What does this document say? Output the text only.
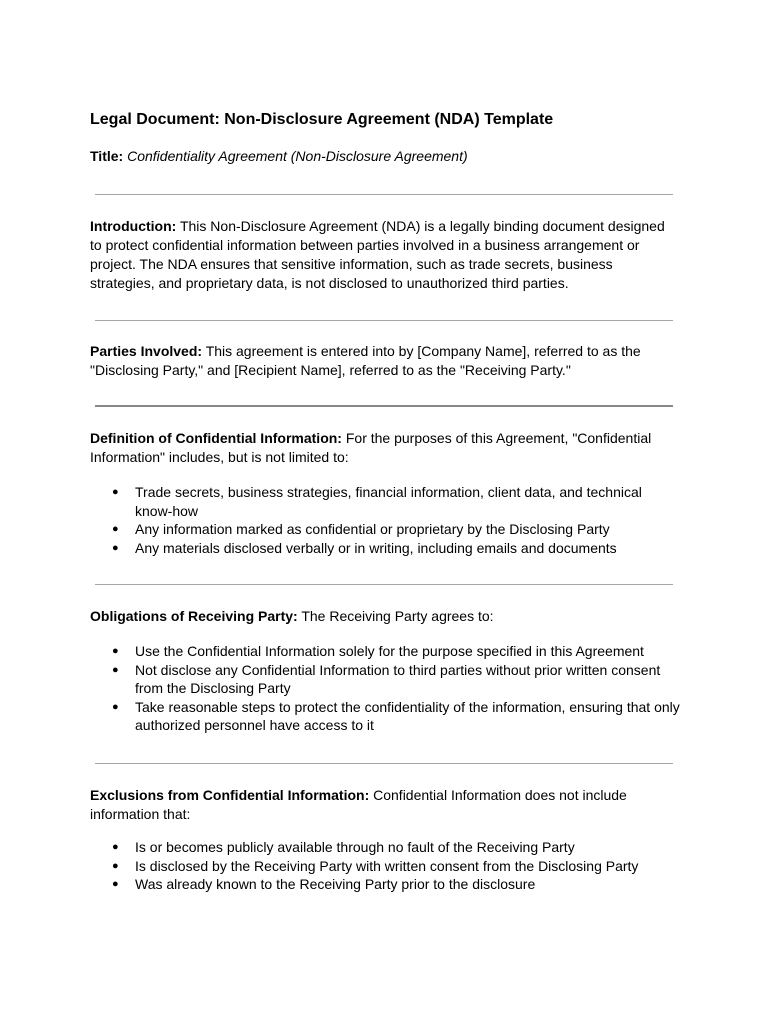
Legal Document: Non-Disclosure Agreement (NDA) Template
Title: Confidentiality Agreement (Non-Disclosure Agreement)

Introduction: This Non-Disclosure Agreement (NDA) is a legally binding document designed to protect confidential information between parties involved in a business arrangement or project. The NDA ensures that sensitive information, such as trade secrets, business strategies, and proprietary data, is not disclosed to unauthorized third parties.

Parties Involved: This agreement is entered into by [Company Name], referred to as the "Disclosing Party," and [Recipient Name], referred to as the "Receiving Party."

Definition of Confidential Information: For the purposes of this Agreement, "Confidential Information" includes, but is not limited to:

● Trade secrets, business strategies, financial information, client data, and technical know-how
● Any information marked as confidential or proprietary by the Disclosing Party
● Any materials disclosed verbally or in writing, including emails and documents

Obligations of Receiving Party: The Receiving Party agrees to:

● Use the Confidential Information solely for the purpose specified in this Agreement
● Not disclose any Confidential Information to third parties without prior written consent from the Disclosing Party
● Take reasonable steps to protect the confidentiality of the information, ensuring that only authorized personnel have access to it

Exclusions from Confidential Information: Confidential Information does not include information that:

● Is or becomes publicly available through no fault of the Receiving Party
● Is disclosed by the Receiving Party with written consent from the Disclosing Party
● Was already known to the Receiving Party prior to the disclosure
